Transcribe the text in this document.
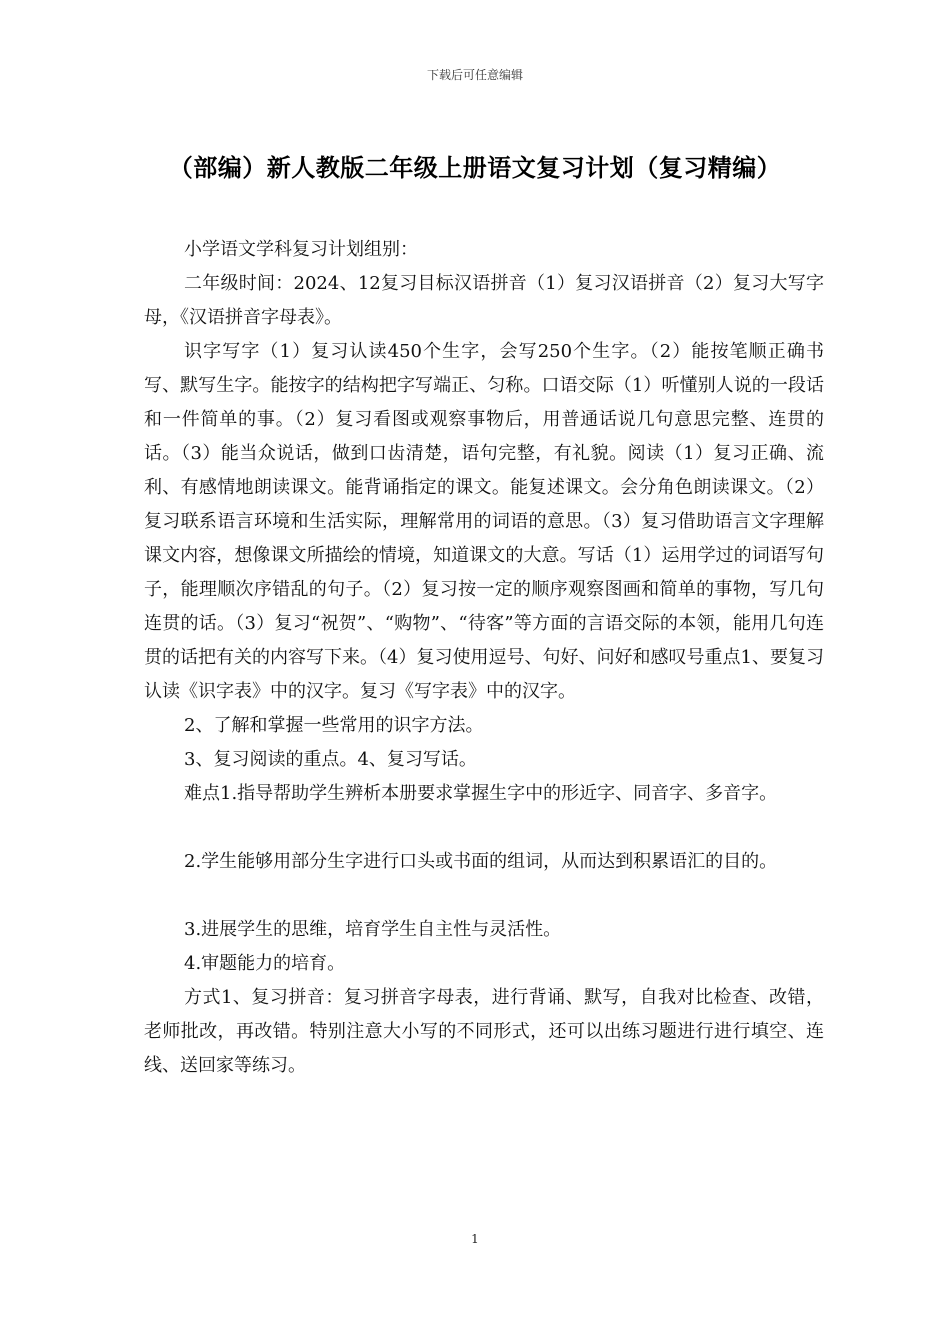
下载后可任意编辑
（部编）新人教版二年级上册语文复习计划（复习精编）

小学语文学科复习计划组别：

二年级时间：2024、12复习目标汉语拼音（1）复习汉语拼音（2）复习大写字母，《汉语拼音字母表》。

识字写字（1）复习认读450个生字，会写250个生字。（2）能按笔顺正确书写、默写生字。能按字的结构把字写端正、匀称。口语交际（1）听懂别人说的一段话和一件简单的事。（2）复习看图或观察事物后，用普通话说几句意思完整、连贯的话。（3）能当众说话，做到口齿清楚，语句完整，有礼貌。阅读（1）复习正确、流利、有感情地朗读课文。能背诵指定的课文。能复述课文。会分角色朗读课文。（2）复习联系语言环境和生活实际，理解常用的词语的意思。（3）复习借助语言文字理解课文内容，想像课文所描绘的情境，知道课文的大意。写话（1）运用学过的词语写句子，能理顺次序错乱的句子。（2）复习按一定的顺序观察图画和简单的事物，写几句连贯的话。（3）复习“祝贺”、“购物”、“待客”等方面的言语交际的本领，能用几句连贯的话把有关的内容写下来。（4）复习使用逗号、句好、问好和感叹号重点1、要复习认读《识字表》中的汉字。复习《写字表》中的汉字。

2、了解和掌握一些常用的识字方法。

3、复习阅读的重点。4、复习写话。

难点1.指导帮助学生辨析本册要求掌握生字中的形近字、同音字、多音字。

2.学生能够用部分生字进行口头或书面的组词，从而达到积累语汇的目的。

3.进展学生的思维，培育学生自主性与灵活性。

4.审题能力的培育。

方式1、复习拼音：复习拼音字母表，进行背诵、默写，自我对比检查、改错，老师批改，再改错。特别注意大小写的不同形式，还可以出练习题进行进行填空、连线、送回家等练习。

1
